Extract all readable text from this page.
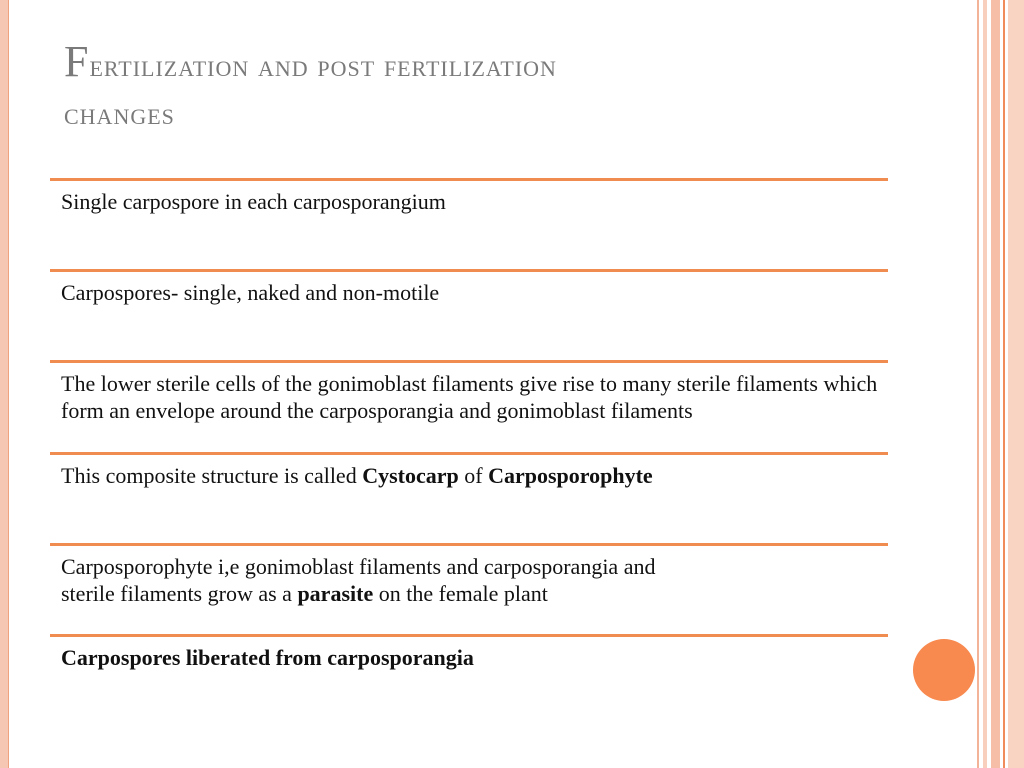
Fertilization and post fertilization
changes
Single carpospore in each carposporangium
Carpospores- single, naked and non-motile
The lower sterile cells of the gonimoblast filaments give rise to many sterile filaments which form an envelope around the carposporangia and gonimoblast filaments
This composite structure is called Cystocarp of Carposporophyte
Carposporophyte i,e gonimoblast filaments and carposporangia and
sterile filaments grow as a parasite on the female plant
Carpospores liberated from carposporangia
